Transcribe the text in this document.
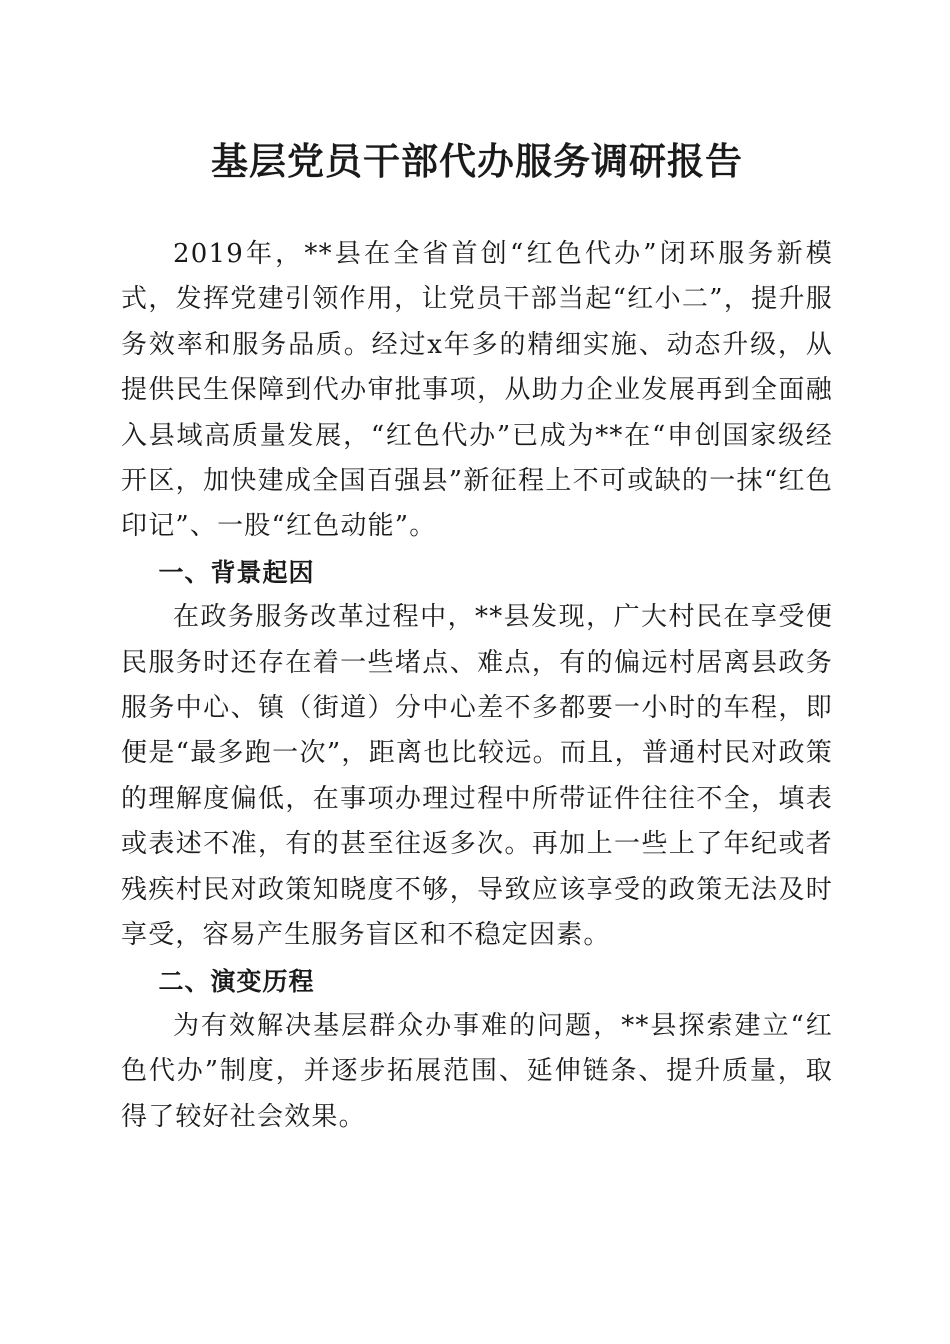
基层党员干部代办服务调研报告

2019年，**县在全省首创“红色代办”闭环服务新模式，发挥党建引领作用，让党员干部当起“红小二”，提升服务效率和服务品质。经过x年多的精细实施、动态升级，从提供民生保障到代办审批事项，从助力企业发展再到全面融入县域高质量发展，“红色代办”已成为**在“申创国家级经开区，加快建成全国百强县”新征程上不可或缺的一抹“红色印记”、一股“红色动能”。

一、背景起因

在政务服务改革过程中，**县发现，广大村民在享受便民服务时还存在着一些堵点、难点，有的偏远村居离县政务服务中心、镇（街道）分中心差不多都要一小时的车程，即便是“最多跑一次”，距离也比较远。而且，普通村民对政策的理解度偏低，在事项办理过程中所带证件往往不全，填表或表述不准，有的甚至往返多次。再加上一些上了年纪或者残疾村民对政策知晓度不够，导致应该享受的政策无法及时享受，容易产生服务盲区和不稳定因素。

二、演变历程

为有效解决基层群众办事难的问题，**县探索建立“红色代办”制度，并逐步拓展范围、延伸链条、提升质量，取得了较好社会效果。
